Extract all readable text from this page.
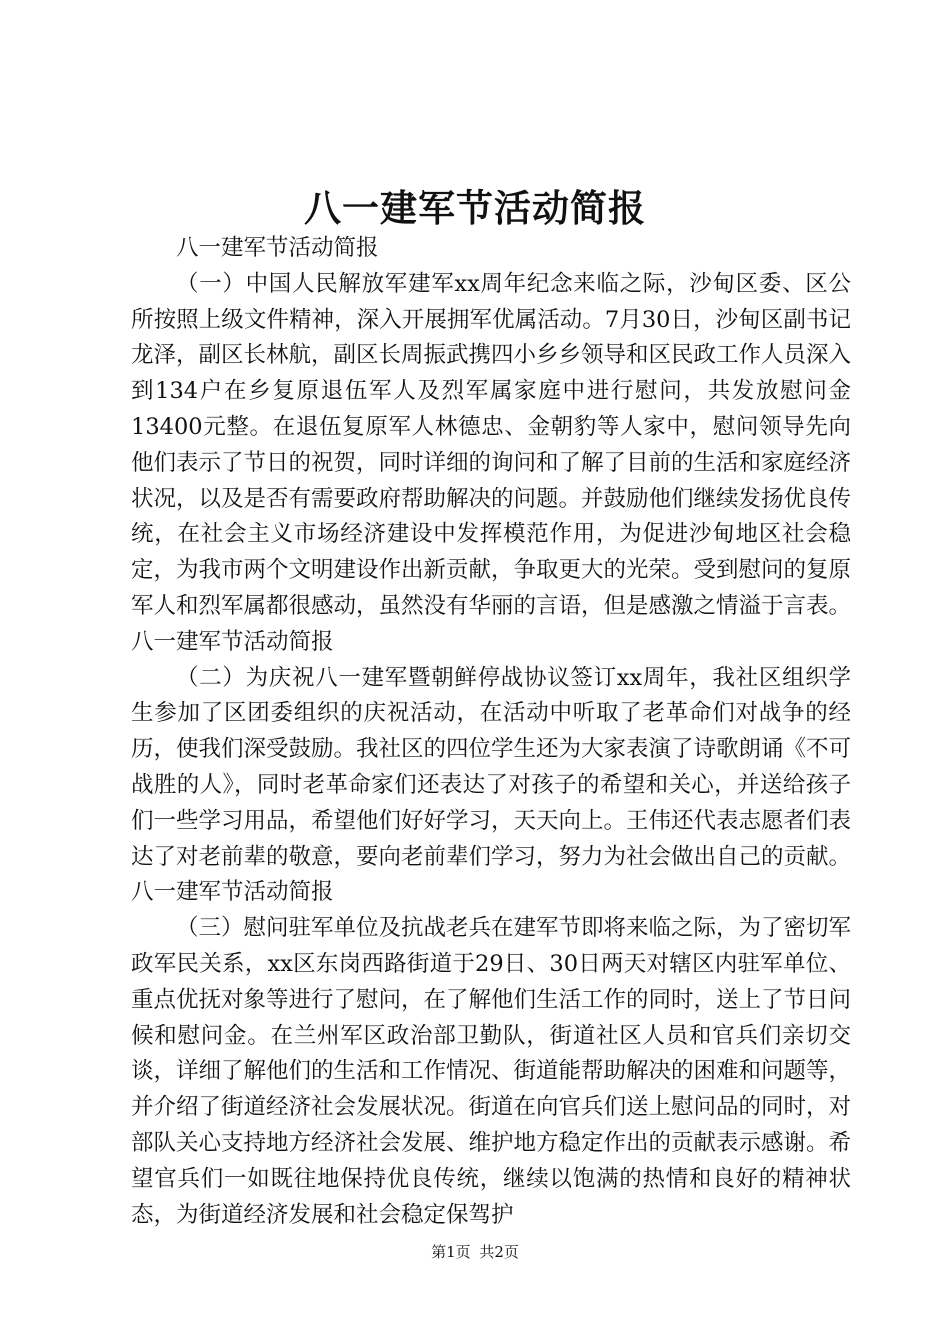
八一建军节活动简报

八一建军节活动简报

（一）中国人民解放军建军xx周年纪念来临之际，沙甸区委、区公所按照上级文件精神，深入开展拥军优属活动。7月30日，沙甸区副书记龙泽，副区长林航，副区长周振武携四小乡乡领导和区民政工作人员深入到134户在乡复原退伍军人及烈军属家庭中进行慰问，共发放慰问金13400元整。在退伍复原军人林德忠、金朝豹等人家中，慰问领导先向他们表示了节日的祝贺，同时详细的询问和了解了目前的生活和家庭经济状况，以及是否有需要政府帮助解决的问题。并鼓励他们继续发扬优良传统，在社会主义市场经济建设中发挥模范作用，为促进沙甸地区社会稳定，为我市两个文明建设作出新贡献，争取更大的光荣。受到慰问的复原军人和烈军属都很感动，虽然没有华丽的言语，但是感激之情溢于言表。八一建军节活动简报

（二）为庆祝八一建军暨朝鲜停战协议签订xx周年，我社区组织学生参加了区团委组织的庆祝活动，在活动中听取了老革命们对战争的经历，使我们深受鼓励。我社区的四位学生还为大家表演了诗歌朗诵《不可战胜的人》，同时老革命家们还表达了对孩子的希望和关心，并送给孩子们一些学习用品，希望他们好好学习，天天向上。王伟还代表志愿者们表达了对老前辈的敬意，要向老前辈们学习，努力为社会做出自己的贡献。

八一建军节活动简报

（三）慰问驻军单位及抗战老兵在建军节即将来临之际，为了密切军政军民关系，xx区东岗西路街道于29日、30日两天对辖区内驻军单位、重点优抚对象等进行了慰问，在了解他们生活工作的同时，送上了节日问候和慰问金。在兰州军区政治部卫勤队，街道社区人员和官兵们亲切交谈，详细了解他们的生活和工作情况、街道能帮助解决的困难和问题等，并介绍了街道经济社会发展状况。街道在向官兵们送上慰问品的同时，对部队关心支持地方经济社会发展、维护地方稳定作出的贡献表示感谢。希望官兵们一如既往地保持优良传统，继续以饱满的热情和良好的精神状态，为街道经济发展和社会稳定保驾护

第1页 共2页
